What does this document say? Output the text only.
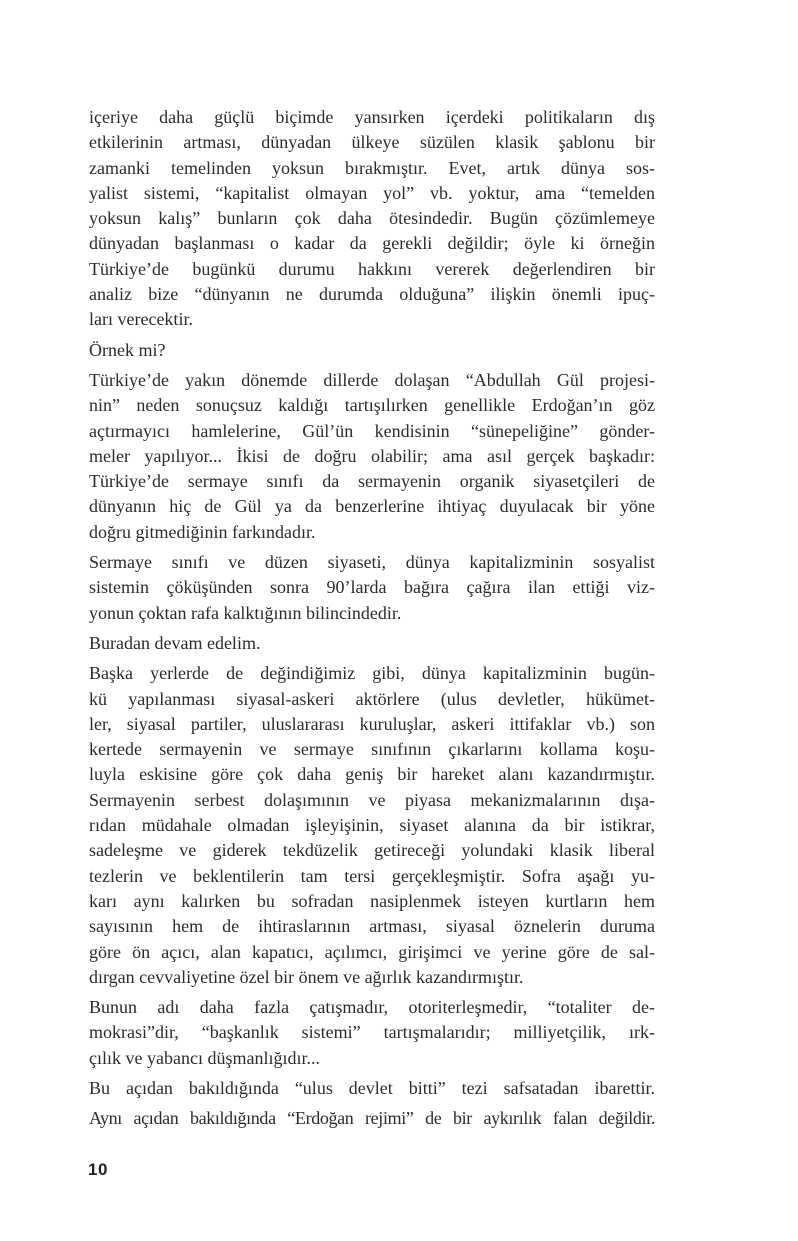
içeriye daha güçlü biçimde yansırken içerdeki politikaların dış
etkilerinin artması, dünyadan ülkeye süzülen klasik şablonu bir
zamanki temelinden yoksun bırakmıştır. Evet, artık dünya sos-
yalist sistemi, “kapitalist olmayan yol” vb. yoktur, ama “temelden
yoksun kalış” bunların çok daha ötesindedir. Bugün çözümlemeye
dünyadan başlanması o kadar da gerekli değildir; öyle ki örneğin
Türkiye’de bugünkü durumu hakkını vererek değerlendiren bir
analiz bize “dünyanın ne durumda olduğuna” ilişkin önemli ipuç-
ları verecektir.

Örnek mi?

Türkiye’de yakın dönemde dillerde dolaşan “Abdullah Gül projesi-
nin” neden sonuçsuz kaldığı tartışılırken genellikle Erdoğan’ın göz
açtırmayıcı hamlelerine, Gül’ün kendisinin “sünepeliğine” gönder-
meler yapılıyor... İkisi de doğru olabilir; ama asıl gerçek başkadır:
Türkiye’de sermaye sınıfı da sermayenin organik siyasetçileri de
dünyanın hiç de Gül ya da benzerlerine ihtiyaç duyulacak bir yöne
doğru gitmediğinin farkındadır.

Sermaye sınıfı ve düzen siyaseti, dünya kapitalizminin sosyalist
sistemin çöküşünden sonra 90’larda bağıra çağıra ilan ettiği viz-
yonun çoktan rafa kalktığının bilincindedir.

Buradan devam edelim.

Başka yerlerde de değindiğimiz gibi, dünya kapitalizminin bugün-
kü yapılanması siyasal-askeri aktörlere (ulus devletler, hükümet-
ler, siyasal partiler, uluslararası kuruluşlar, askeri ittifaklar vb.) son
kertede sermayenin ve sermaye sınıfının çıkarlarını kollama koşu-
luyla eskisine göre çok daha geniş bir hareket alanı kazandırmıştır.
Sermayenin serbest dolaşımının ve piyasa mekanizmalarının dışa-
rıdan müdahale olmadan işleyişinin, siyaset alanına da bir istikrar,
sadeleşme ve giderek tekdüzelik getireceği yolundaki klasik liberal
tezlerin ve beklentilerin tam tersi gerçekleşmiştir. Sofra aşağı yu-
karı aynı kalırken bu sofradan nasiplenmek isteyen kurtların hem
sayısının hem de ihtiraslarının artması, siyasal öznelerin duruma
göre ön açıcı, alan kapatıcı, açılımcı, girişimci ve yerine göre de sal-
dırgan cevvaliyetine özel bir önem ve ağırlık kazandırmıştır.

Bunun adı daha fazla çatışmadır, otoriterleşmedir, “totaliter de-
mokrasi”dir, “başkanlık sistemi” tartışmalarıdır; milliyetçilik, ırk-
çılık ve yabancı düşmanlığıdır...

Bu açıdan bakıldığında “ulus devlet bitti” tezi safsatadan ibarettir.

Aynı açıdan bakıldığında “Erdoğan rejimi” de bir aykırılık falan değildir.

10
